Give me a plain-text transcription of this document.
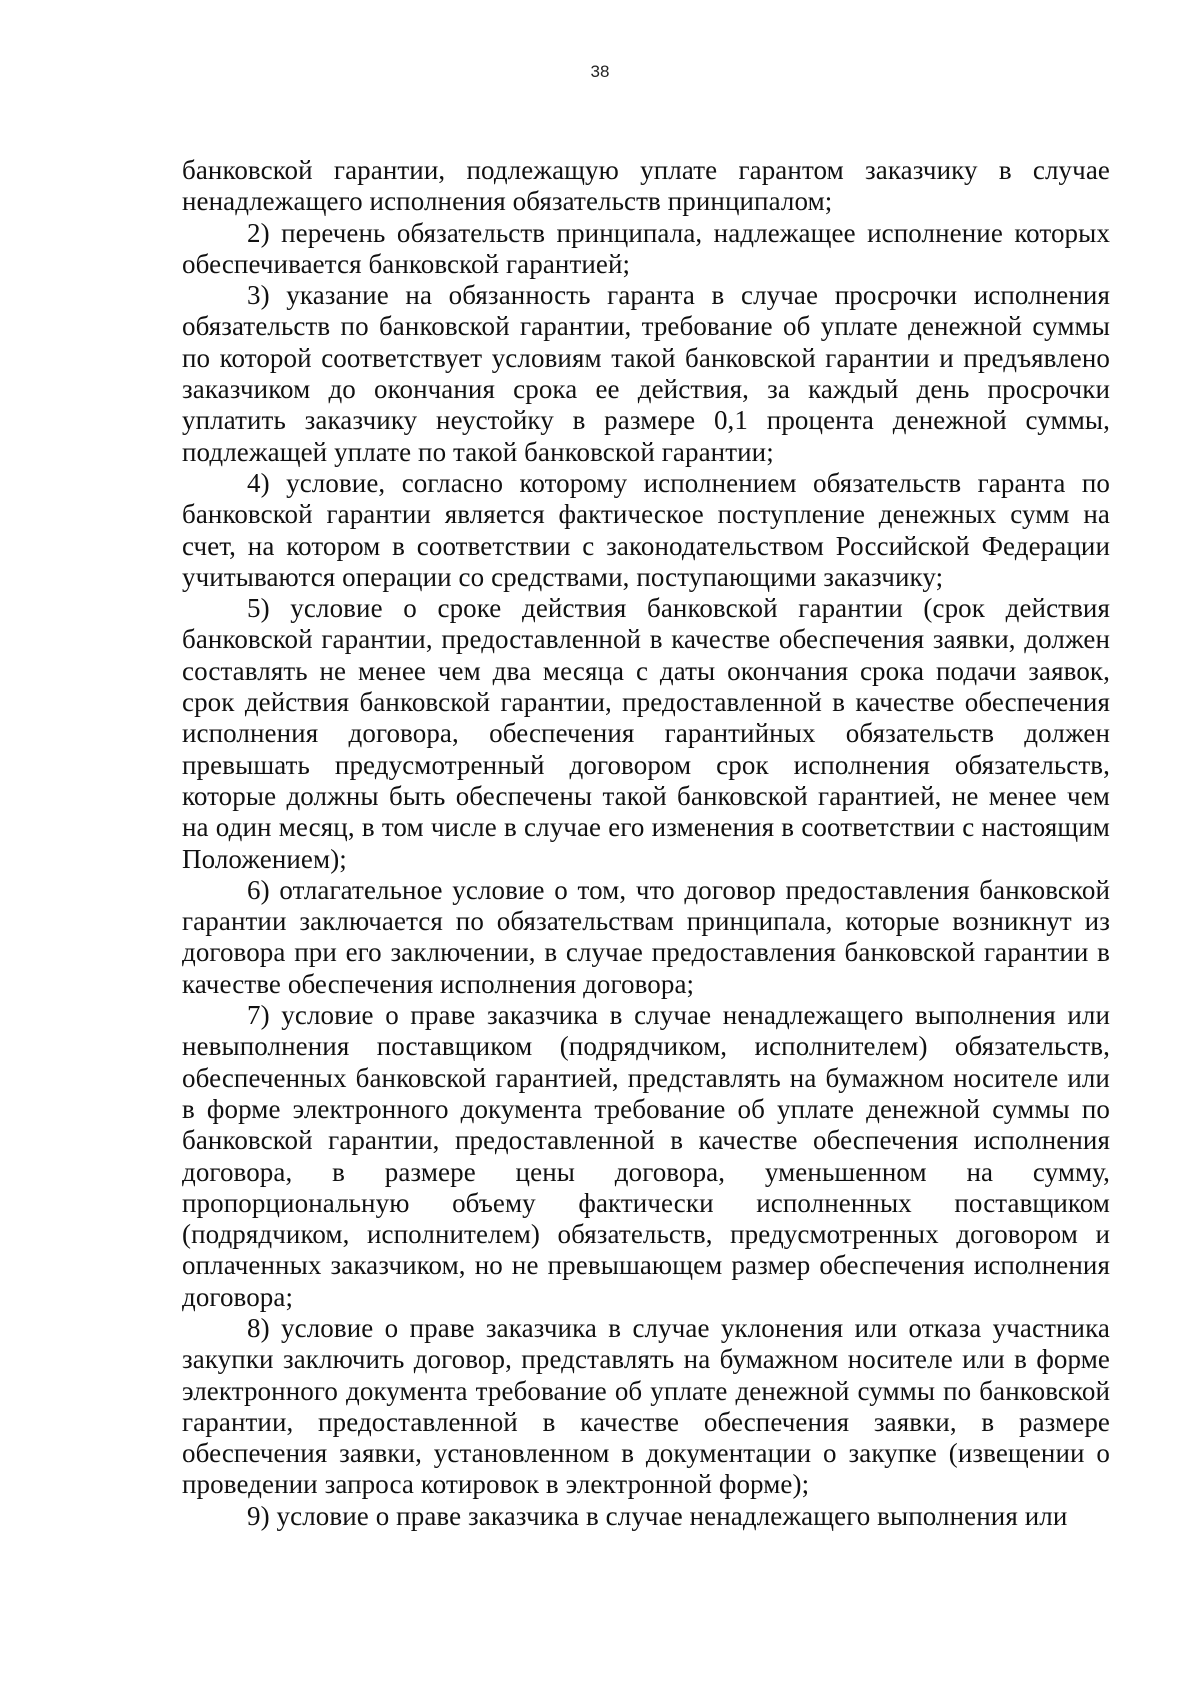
38

банковской гарантии, подлежащую уплате гарантом заказчику в случае ненадлежащего исполнения обязательств принципалом;

2) перечень обязательств принципала, надлежащее исполнение которых обеспечивается банковской гарантией;

3) указание на обязанность гаранта в случае просрочки исполнения обязательств по банковской гарантии, требование об уплате денежной суммы по которой соответствует условиям такой банковской гарантии и предъявлено заказчиком до окончания срока ее действия, за каждый день просрочки уплатить заказчику неустойку в размере 0,1 процента денежной суммы, подлежащей уплате по такой банковской гарантии;

4) условие, согласно которому исполнением обязательств гаранта по банковской гарантии является фактическое поступление денежных сумм на счет, на котором в соответствии с законодательством Российской Федерации учитываются операции со средствами, поступающими заказчику;

5) условие о сроке действия банковской гарантии (срок действия банковской гарантии, предоставленной в качестве обеспечения заявки, должен составлять не менее чем два месяца с даты окончания срока подачи заявок, срок действия банковской гарантии, предоставленной в качестве обеспечения исполнения договора, обеспечения гарантийных обязательств должен превышать предусмотренный договором срок исполнения обязательств, которые должны быть обеспечены такой банковской гарантией, не менее чем на один месяц, в том числе в случае его изменения в соответствии с настоящим Положением);

6) отлагательное условие о том, что договор предоставления банковской гарантии заключается по обязательствам принципала, которые возникнут из договора при его заключении, в случае предоставления банковской гарантии в качестве обеспечения исполнения договора;

7) условие о праве заказчика в случае ненадлежащего выполнения или невыполнения поставщиком (подрядчиком, исполнителем) обязательств, обеспеченных банковской гарантией, представлять на бумажном носителе или в форме электронного документа требование об уплате денежной суммы по банковской гарантии, предоставленной в качестве обеспечения исполнения договора, в размере цены договора, уменьшенном на сумму, пропорциональную объему фактически исполненных поставщиком (подрядчиком, исполнителем) обязательств, предусмотренных договором и оплаченных заказчиком, но не превышающем размер обеспечения исполнения договора;

8) условие о праве заказчика в случае уклонения или отказа участника закупки заключить договор, представлять на бумажном носителе или в форме электронного документа требование об уплате денежной суммы по банковской гарантии, предоставленной в качестве обеспечения заявки, в размере обеспечения заявки, установленном в документации о закупке (извещении о проведении запроса котировок в электронной форме);

9) условие о праве заказчика в случае ненадлежащего выполнения или
